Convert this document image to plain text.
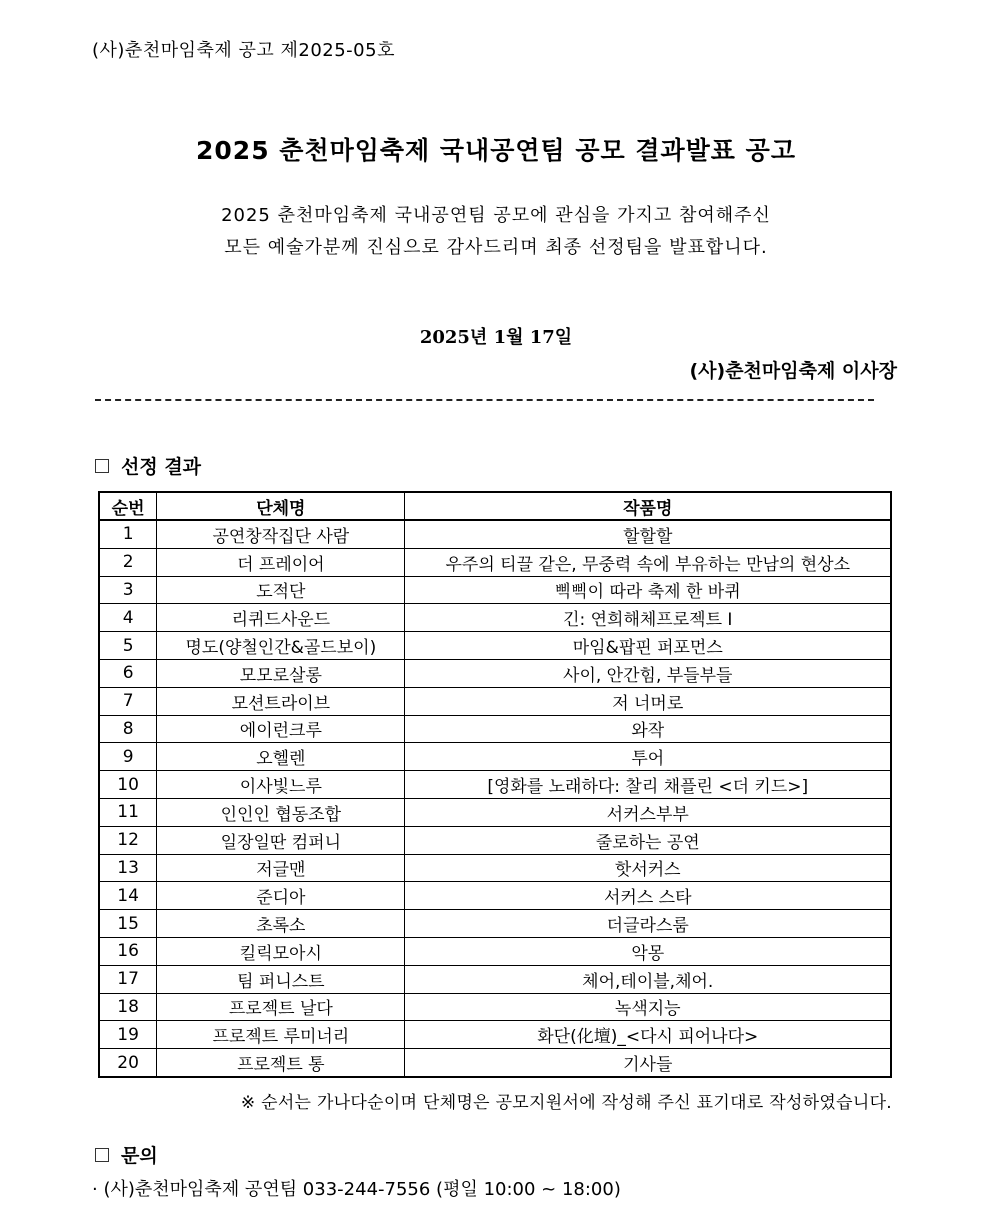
(사)춘천마임축제 공고 제2025-05호
2025 춘천마임축제 국내공연팀 공모 결과발표 공고
2025 춘천마임축제 국내공연팀 공모에 관심을 가지고 참여해주신
모든 예술가분께 진심으로 감사드리며 최종 선정팀을 발표합니다.
2025년 1월 17일
(사)춘천마임축제 이사장
선정 결과
순번	단체명	작품명
1	공연창작집단 사람	할할할
2	더 프레이어	우주의 티끌 같은, 무중력 속에 부유하는 만남의 현상소
3	도적단	삑삑이 따라 축제 한 바퀴
4	리퀴드사운드	긴: 연희해체프로젝트 I
5	명도(양철인간&골드보이)	마임&팝핀 퍼포먼스
6	모모로살롱	사이, 안간힘, 부들부들
7	모션트라이브	저 너머로
8	에이런크루	와작
9	오헬렌	투어
10	이사빛느루	[영화를 노래하다: 찰리 채플린 <더 키드>]
11	인인인 협동조합	서커스부부
12	일장일딴 컴퍼니	줄로하는 공연
13	저글맨	핫서커스
14	준디아	서커스 스타
15	초록소	더글라스룸
16	킬릭모아시	악몽
17	팀 퍼니스트	체어,테이블,체어.
18	프로젝트 날다	녹색지능
19	프로젝트 루미너리	화단(化壇)_<다시 피어나다>
20	프로젝트 통	기사들
※ 순서는 가나다순이며 단체명은 공모지원서에 작성해 주신 표기대로 작성하였습니다.
문의
· (사)춘천마임축제 공연팀 033-244-7556 (평일 10:00 ~ 18:00)
